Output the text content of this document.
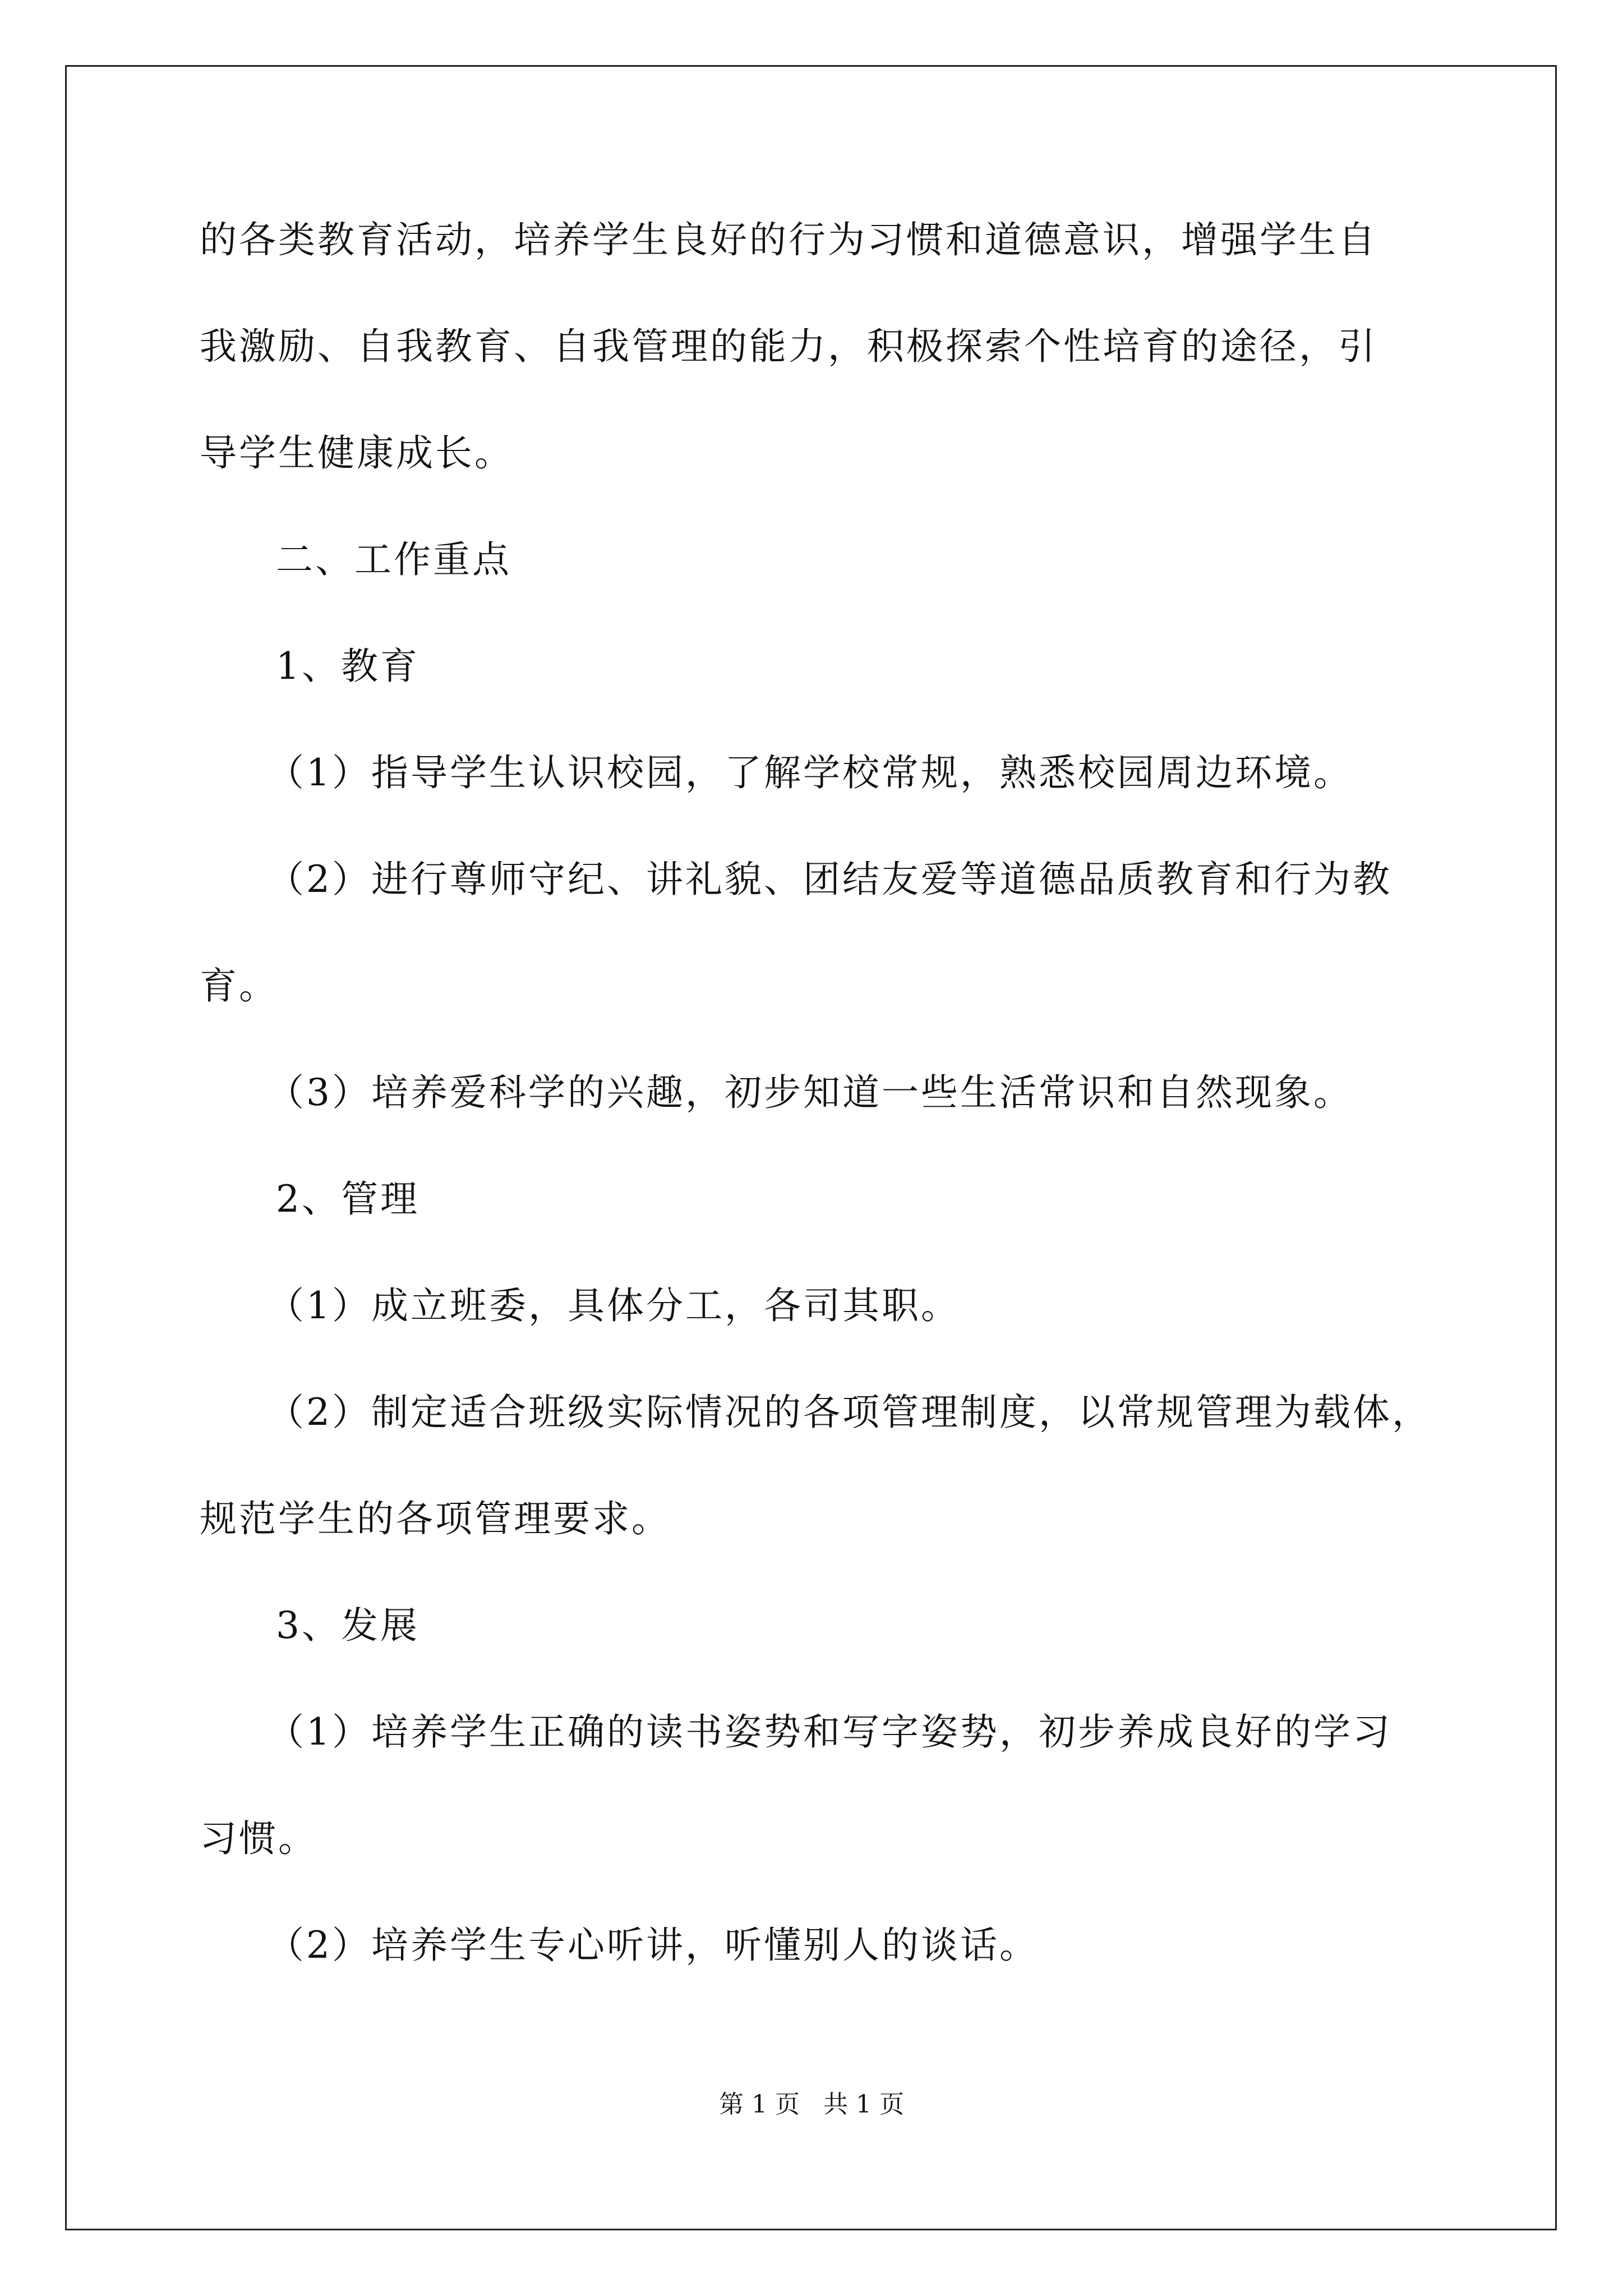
的各类教育活动，培养学生良好的行为习惯和道德意识，增强学生自
我激励、自我教育、自我管理的能力，积极探索个性培育的途径，引
导学生健康成长。
二、工作重点
1、教育
（1）指导学生认识校园，了解学校常规，熟悉校园周边环境。
（2）进行尊师守纪、讲礼貌、团结友爱等道德品质教育和行为教
育。
（3）培养爱科学的兴趣，初步知道一些生活常识和自然现象。
2、管理
（1）成立班委，具体分工，各司其职。
（2）制定适合班级实际情况的各项管理制度，以常规管理为载体，
规范学生的各项管理要求。
3、发展
（1）培养学生正确的读书姿势和写字姿势，初步养成良好的学习
习惯。
（2）培养学生专心听讲，听懂别人的谈话。
第 1 页 共 1 页
